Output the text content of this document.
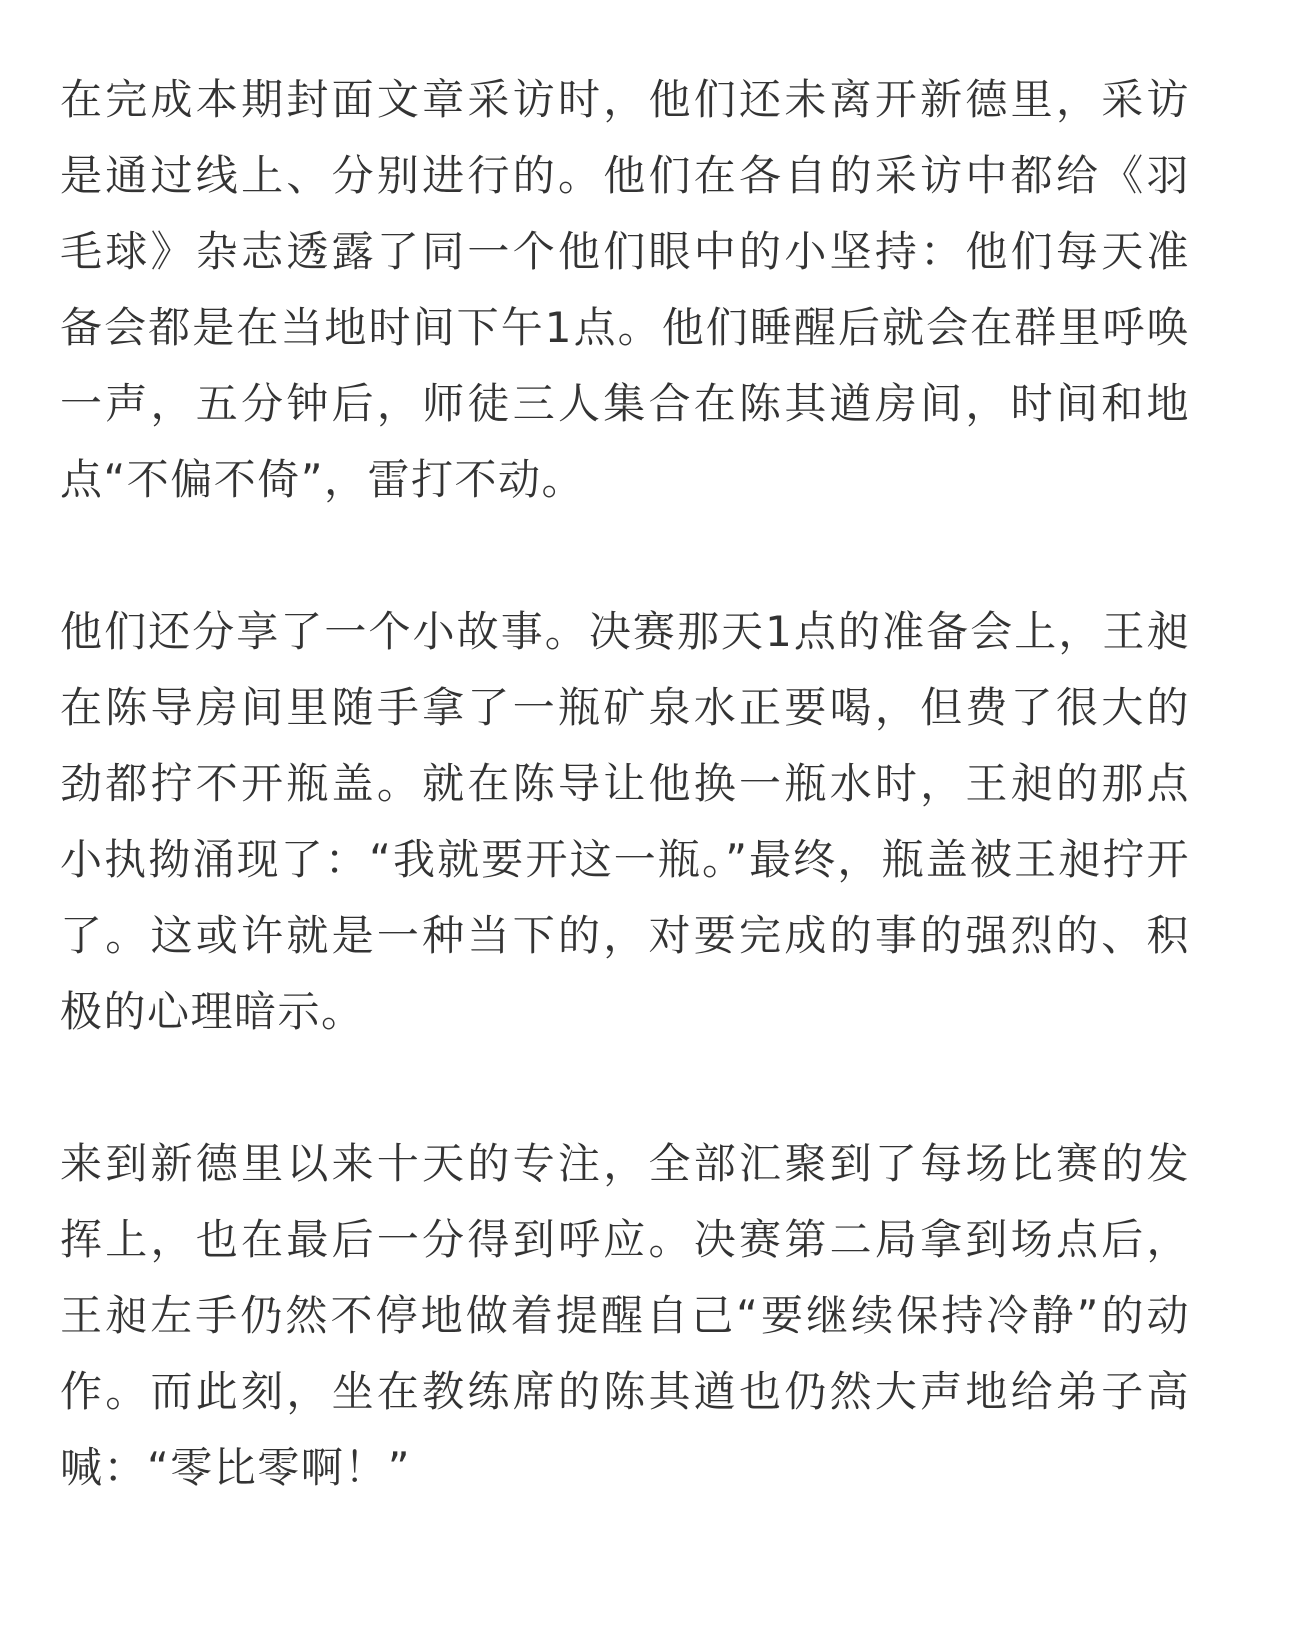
在完成本期封面文章采访时，他们还未离开新德里，采访是通过线上、分别进行的。他们在各自的采访中都给《羽毛球》杂志透露了同一个他们眼中的小坚持：他们每天准备会都是在当地时间下午1点。他们睡醒后就会在群里呼唤一声，五分钟后，师徒三人集合在陈其遒房间，时间和地点“不偏不倚”，雷打不动。

他们还分享了一个小故事。决赛那天1点的准备会上，王昶在陈导房间里随手拿了一瓶矿泉水正要喝，但费了很大的劲都拧不开瓶盖。就在陈导让他换一瓶水时，王昶的那点小执拗涌现了：“我就要开这一瓶。”最终，瓶盖被王昶拧开了。这或许就是一种当下的，对要完成的事的强烈的、积极的心理暗示。

来到新德里以来十天的专注，全部汇聚到了每场比赛的发挥上，也在最后一分得到呼应。决赛第二局拿到场点后，王昶左手仍然不停地做着提醒自己“要继续保持冷静”的动作。而此刻，坐在教练席的陈其遒也仍然大声地给弟子高喊：“零比零啊！”
